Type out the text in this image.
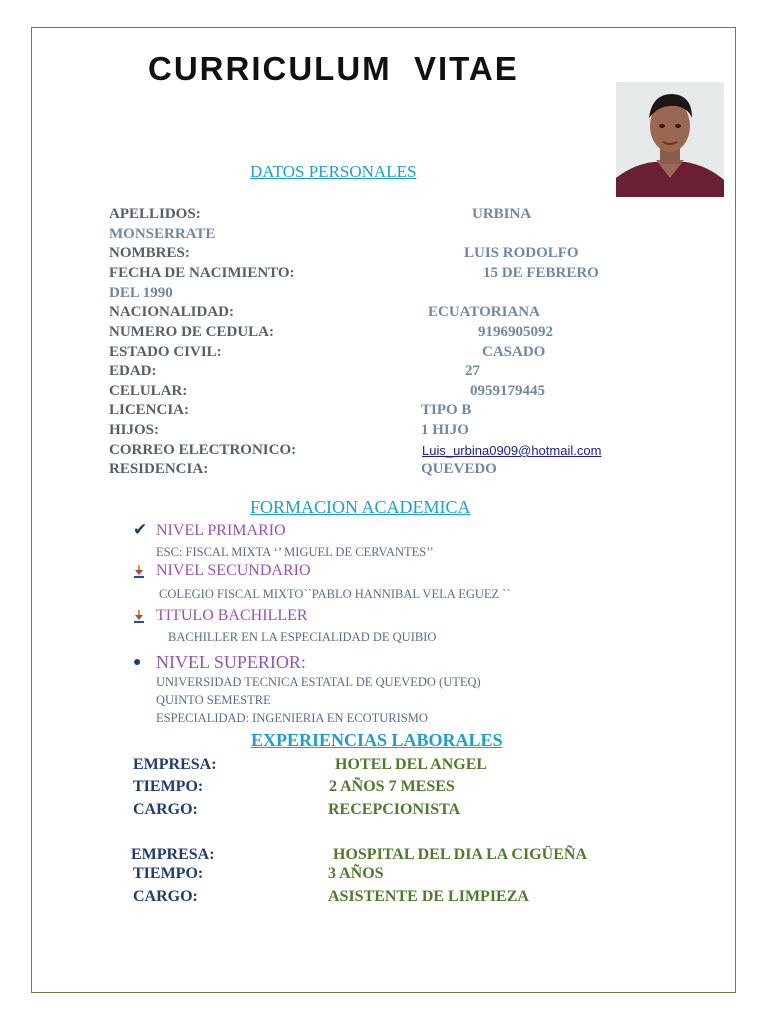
CURRICULUM  VITAE
DATOS PERSONALES
APELLIDOS:	URBINA
MONSERRATE
NOMBRES:	LUIS RODOLFO
FECHA DE NACIMIENTO:	15 DE FEBRERO
DEL 1990
NACIONALIDAD:	ECUATORIANA
NUMERO DE CEDULA:	9196905092
ESTADO CIVIL:	CASADO
EDAD:	27
CELULAR:	0959179445
LICENCIA:	TIPO B
HIJOS:	1 HIJO
CORREO ELECTRONICO:	Luis_urbina0909@hotmail.com
RESIDENCIA:	QUEVEDO
FORMACION ACADEMICA
✔ NIVEL PRIMARIO
ESC: FISCAL MIXTA ‘’ MIGUEL DE CERVANTES’’
NIVEL SECUNDARIO
COLEGIO FISCAL MIXTO``PABLO HANNIBAL VELA EGUEZ ``
TITULO BACHILLER
BACHILLER EN LA ESPECIALIDAD DE QUIBIO
● NIVEL SUPERIOR:
UNIVERSIDAD TECNICA ESTATAL DE QUEVEDO (UTEQ)
QUINTO SEMESTRE
ESPECIALIDAD: INGENIERIA EN ECOTURISMO
EXPERIENCIAS LABORALES
EMPRESA:	HOTEL DEL ANGEL
TIEMPO:	2 AÑOS 7 MESES
CARGO:	RECEPCIONISTA
EMPRESA:	HOSPITAL DEL DIA LA CIGÜEÑA
TIEMPO:	3 AÑOS
CARGO:	ASISTENTE DE LIMPIEZA
